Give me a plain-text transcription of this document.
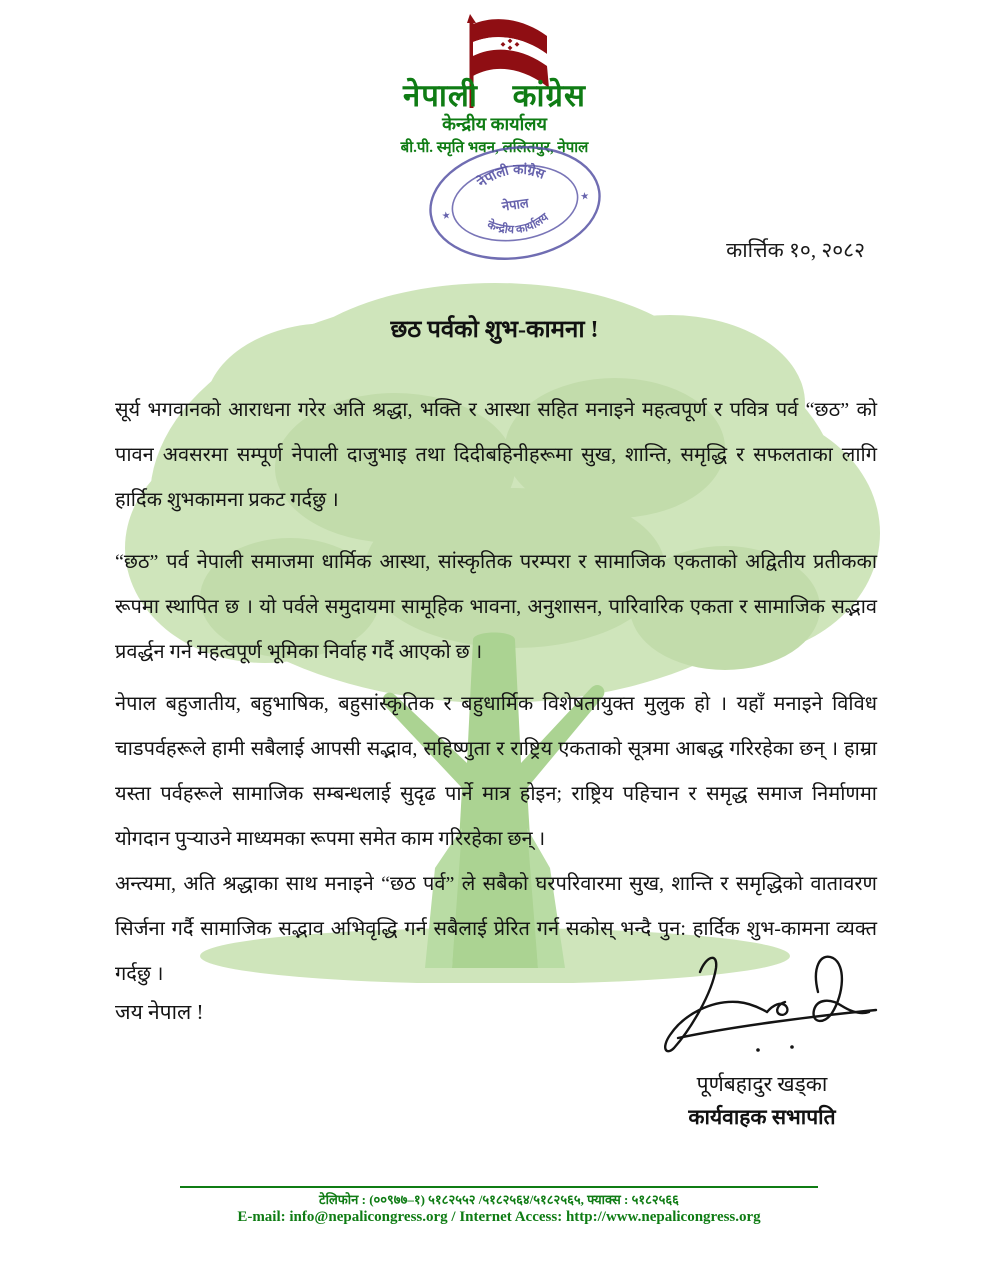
नेपाली कांग्रेस
केन्द्रीय कार्यालय
बी.पी. स्मृति भवन, ललितपुर, नेपाल
नेपाली कांग्रेस
नेपाल
केन्द्रीय कार्यालय
★
★
कार्त्तिक १०, २०८२
छठ पर्वको शुभ-कामना !

सूर्य भगवानको आराधना गरेर अति श्रद्धा, भक्ति र आस्था सहित मनाइने महत्वपूर्ण र पवित्र पर्व “छठ” को पावन अवसरमा सम्पूर्ण नेपाली दाजुभाइ तथा दिदीबहिनीहरूमा सुख, शान्ति, समृद्धि र सफलताका लागि हार्दिक शुभकामना प्रकट गर्दछु ।

“छठ” पर्व नेपाली समाजमा धार्मिक आस्था, सांस्कृतिक परम्परा र सामाजिक एकताको अद्वितीय प्रतीकका रूपमा स्थापित छ । यो पर्वले समुदायमा सामूहिक भावना, अनुशासन, पारिवारिक एकता र सामाजिक सद्भाव प्रवर्द्धन गर्न महत्वपूर्ण भूमिका निर्वाह गर्दै आएको छ ।

नेपाल बहुजातीय, बहुभाषिक, बहुसांस्कृतिक र बहुधार्मिक विशेषतायुक्त मुलुक हो । यहाँ मनाइने विविध चाडपर्वहरूले हामी सबैलाई आपसी सद्भाव, सहिष्णुता र राष्ट्रिय एकताको सूत्रमा आबद्ध गरिरहेका छन् । हाम्रा यस्ता पर्वहरूले सामाजिक सम्बन्धलाई सुदृढ पार्ने मात्र होइन; राष्ट्रिय पहिचान र समृद्ध समाज निर्माणमा योगदान पुऱ्याउने माध्यमका रूपमा समेत काम गरिरहेका छन् ।

अन्त्यमा, अति श्रद्धाका साथ मनाइने “छठ पर्व” ले सबैको घरपरिवारमा सुख, शान्ति र समृद्धिको वातावरण सिर्जना गर्दै सामाजिक सद्भाव अभिवृद्धि गर्न सबैलाई प्रेरित गर्न सकोस् भन्दै पुन: हार्दिक शुभ-कामना व्यक्त गर्दछु ।

जय नेपाल !
पूर्णबहादुर खड्का
कार्यवाहक सभापति
टेलिफोन : (००९७७–१) ५१८२५५२ /५१८२५६४/५१८२५६५, फ्याक्स : ५१८२५६६
E-mail: info@nepalicongress.org / Internet Access: http://www.nepalicongress.org
